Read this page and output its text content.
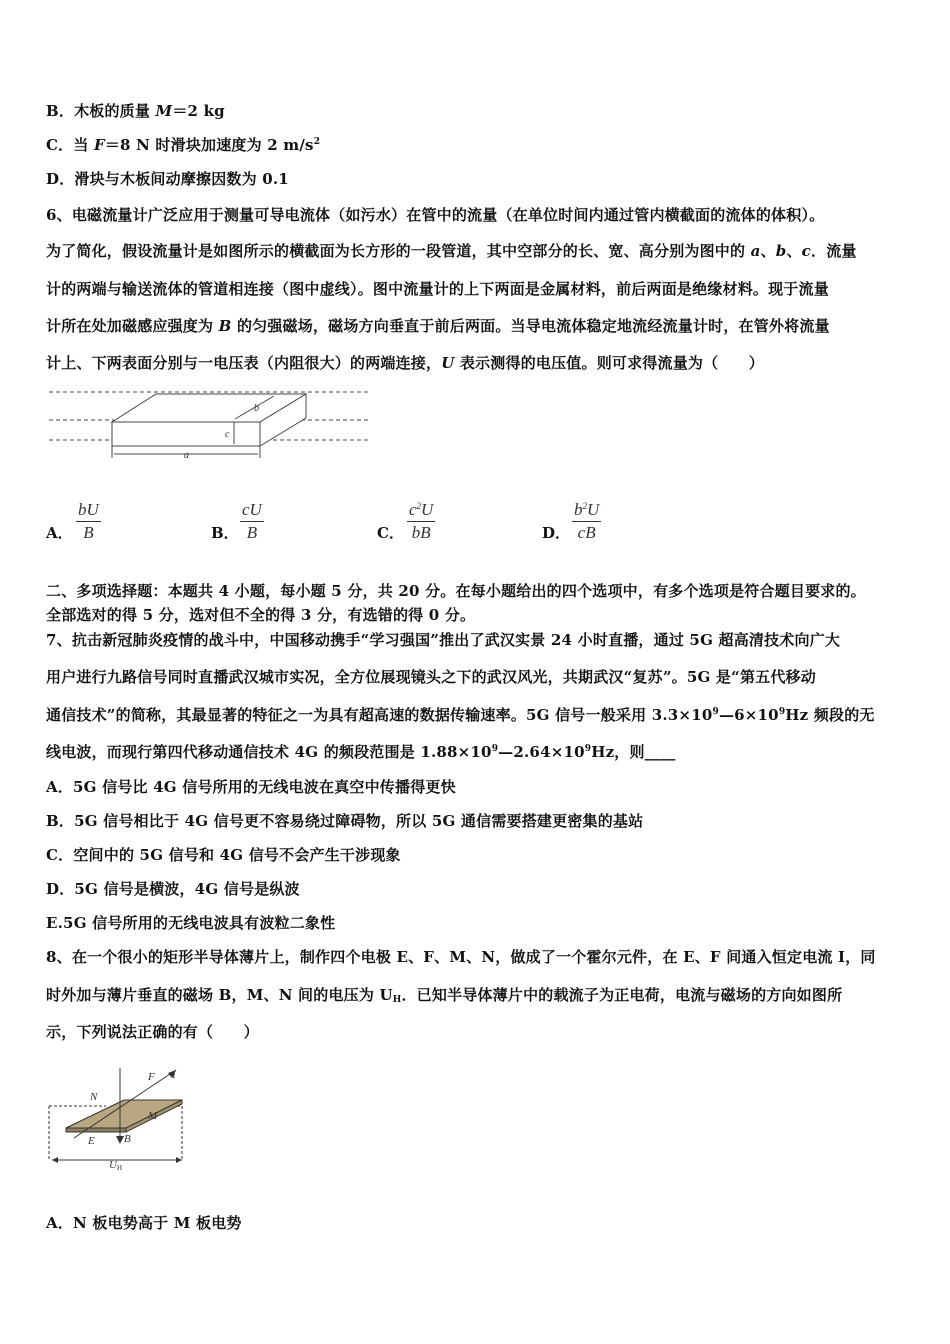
B．木板的质量 M＝2 kg
C．当 F＝8 N 时滑块加速度为 2 $m/s^2$
D．滑块与木板间动摩擦因数为 0.1
6、电磁流量计广泛应用于测量可导电流体（如污水）在管中的流量（在单位时间内通过管内横截面的流体的体积）。
为了简化，假设流量计是如图所示的横截面为长方形的一段管道，其中空部分的长、宽、高分别为图中的 a、b、c．流量
计的两端与输送流体的管道相连接（图中虚线）。图中流量计的上下两面是金属材料，前后两面是绝缘材料。现于流量
计所在处加磁感应强度为 B 的匀强磁场，磁场方向垂直于前后两面。当导电流体稳定地流经流量计时，在管外将流量
计上、下两表面分别与一电压表（内阻很大）的两端连接，U 表示测得的电压值。则可求得流量为（　　）
b
c
a
A． $\frac{bU}{B}$	B． $\frac{cU}{B}$	C． $\frac{c^2U}{bB}$	D． $\frac{b^2U}{cB}$
二、多项选择题：本题共 4 小题，每小题 5 分，共 20 分。在每小题给出的四个选项中，有多个选项是符合题目要求的。
全部选对的得 5 分，选对但不全的得 3 分，有选错的得 0 分。
7、抗击新冠肺炎疫情的战斗中，中国移动携手“学习强国”推出了武汉实景 24 小时直播，通过 5G 超高清技术向广大
用户进行九路信号同时直播武汉城市实况，全方位展现镜头之下的武汉风光，共期武汉“复苏”。5G 是“第五代移动
通信技术”的简称，其最显著的特征之一为具有超高速的数据传输速率。5G 信号一般采用 $3.3\times 10^9—6\times 10^9Hz$ 频段的无
线电波，而现行第四代移动通信技术 4G 的频段范围是 $1.88\times 10^9—2.64\times 10^9Hz$，则____
A．5G 信号比 4G 信号所用的无线电波在真空中传播得更快
B．5G 信号相比于 4G 信号更不容易绕过障碍物，所以 5G 通信需要搭建更密集的基站
C．空间中的 5G 信号和 4G 信号不会产生干涉现象
D．5G 信号是横波，4G 信号是纵波
E.5G 信号所用的无线电波具有波粒二象性
8、在一个很小的矩形半导体薄片上，制作四个电极 E、F、M、N，做成了一个霍尔元件，在 E、F 间通入恒定电流 I，同
时外加与薄片垂直的磁场 B，M、N 间的电压为 $U_H$．已知半导体薄片中的载流子为正电荷，电流与磁场的方向如图所
示，下列说法正确的有（　　）
F I
N
M
E	B
U H
A．N 板电势高于 M 板电势
